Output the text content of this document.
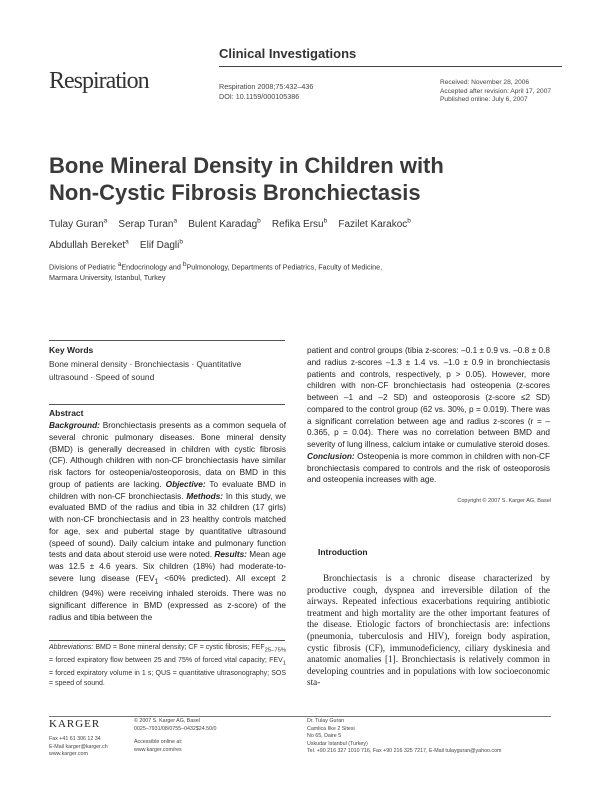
Clinical Investigations
Respiration	Respiration 2008;75:432–436
DOI: 10.1159/000105386
Received: November 28, 2006
Accepted after revision: April 17, 2007
Published online: July 6, 2007
Bone Mineral Density in Children with
Non-Cystic Fibrosis Bronchiectasis
Tulay Guran$^a$ Serap Turan$^a$ Bulent Karadag$^b$ Refika Ersu$^b$ Fazilet Karakoc$^b$
Abdullah Bereket$^a$ Elif Dagli$^b$
Divisions of Pediatric $^a$Endocrinology and $^b$Pulmonology, Departments of Pediatrics, Faculty of Medicine,
Marmara University, Istanbul, Turkey
Key Words
Bone mineral density · Bronchiectasis · Quantitative
ultrasound · Speed of sound
Abstract
Background: Bronchiectasis presents as a common sequela of several chronic pulmonary diseases. Bone mineral density (BMD) is generally decreased in children with cystic fibrosis (CF). Although children with non-CF bronchiectasis have similar risk factors for osteopenia/osteoporosis, data on BMD in this group of patients are lacking. Objective: To evaluate BMD in children with non-CF bronchiectasis. Methods: In this study, we evaluated BMD of the radius and tibia in 32 children (17 girls) with non-CF bronchiectasis and in 23 healthy controls matched for age, sex and pubertal stage by quantitative ultrasound (speed of sound). Daily calcium intake and pulmonary function tests and data about steroid use were noted. Results: Mean age was 12.5 ± 4.6 years. Six children (18%) had moderate-to-severe lung disease ($FEV_1 <60\%$ predicted). All except 2 children (94%) were receiving inhaled steroids. There was no significant difference in BMD (expressed as z-score) of the radius and tibia between the
patient and control groups (tibia z-scores: –0.1 ± 0.9 vs. –0.8 ± 0.8 and radius z-scores –1.3 ± 1.4 vs. –1.0 ± 0.9 in bronchiectasis patients and controls, respectively, p > 0.05). However, more children with non-CF bronchiectasis had osteopenia (z-scores between –1 and –2 SD) and osteoporosis (z-score ≤2 SD) compared to the control group (62 vs. 30%, p = 0.019). There was a significant correlation between age and radius z-scores (r = –0.365, p = 0.04). There was no correlation between BMD and severity of lung illness, calcium intake or cumulative steroid doses. Conclusion: Osteopenia is more common in children with non-CF bronchiectasis compared to controls and the risk of osteoporosis and osteopenia increases with age.
Copyright © 2007 S. Karger AG, Basel
Abbreviations: BMD = Bone mineral density; CF = cystic fibrosis; $FEF_{25-75\%}$ = forced expiratory flow between 25 and 75% of forced vital capacity; $FEV_1$ = forced expiratory volume in 1 s; QUS = quantitative ultrasonography; SOS = speed of sound.
Introduction

Bronchiectasis is a chronic disease characterized by productive cough, dyspnea and irreversible dilation of the airways. Repeated infectious exacerbations requiring antibiotic treatment and high mortality are the other important features of the disease. Etiologic factors of bronchiectasis are: infections (pneumonia, tuberculosis and HIV), foreign body aspiration, cystic fibrosis (CF), immunodeficiency, ciliary dyskinesia and anatomic anomalies [1]. Bronchiectasis is relatively common in developing countries and in populations with low socioeconomic sta-

KARGER
Fax +41 61 306 12 34
E-Mail karger@karger.ch
www.karger.com
© 2007 S. Karger AG, Basel
0025–7931/08/0755–0432$24.50/0
Accessible online at:
www.karger.com/res
Dr. Tulay Guran
Camlica Ilke 2 Sitesi
No 65, Daire 5
Uskudar Istanbul (Turkey)
Tel. +90 216 327 1010 716, Fax +90 216 325 7217, E-Mail tulayguran@yahoo.com
